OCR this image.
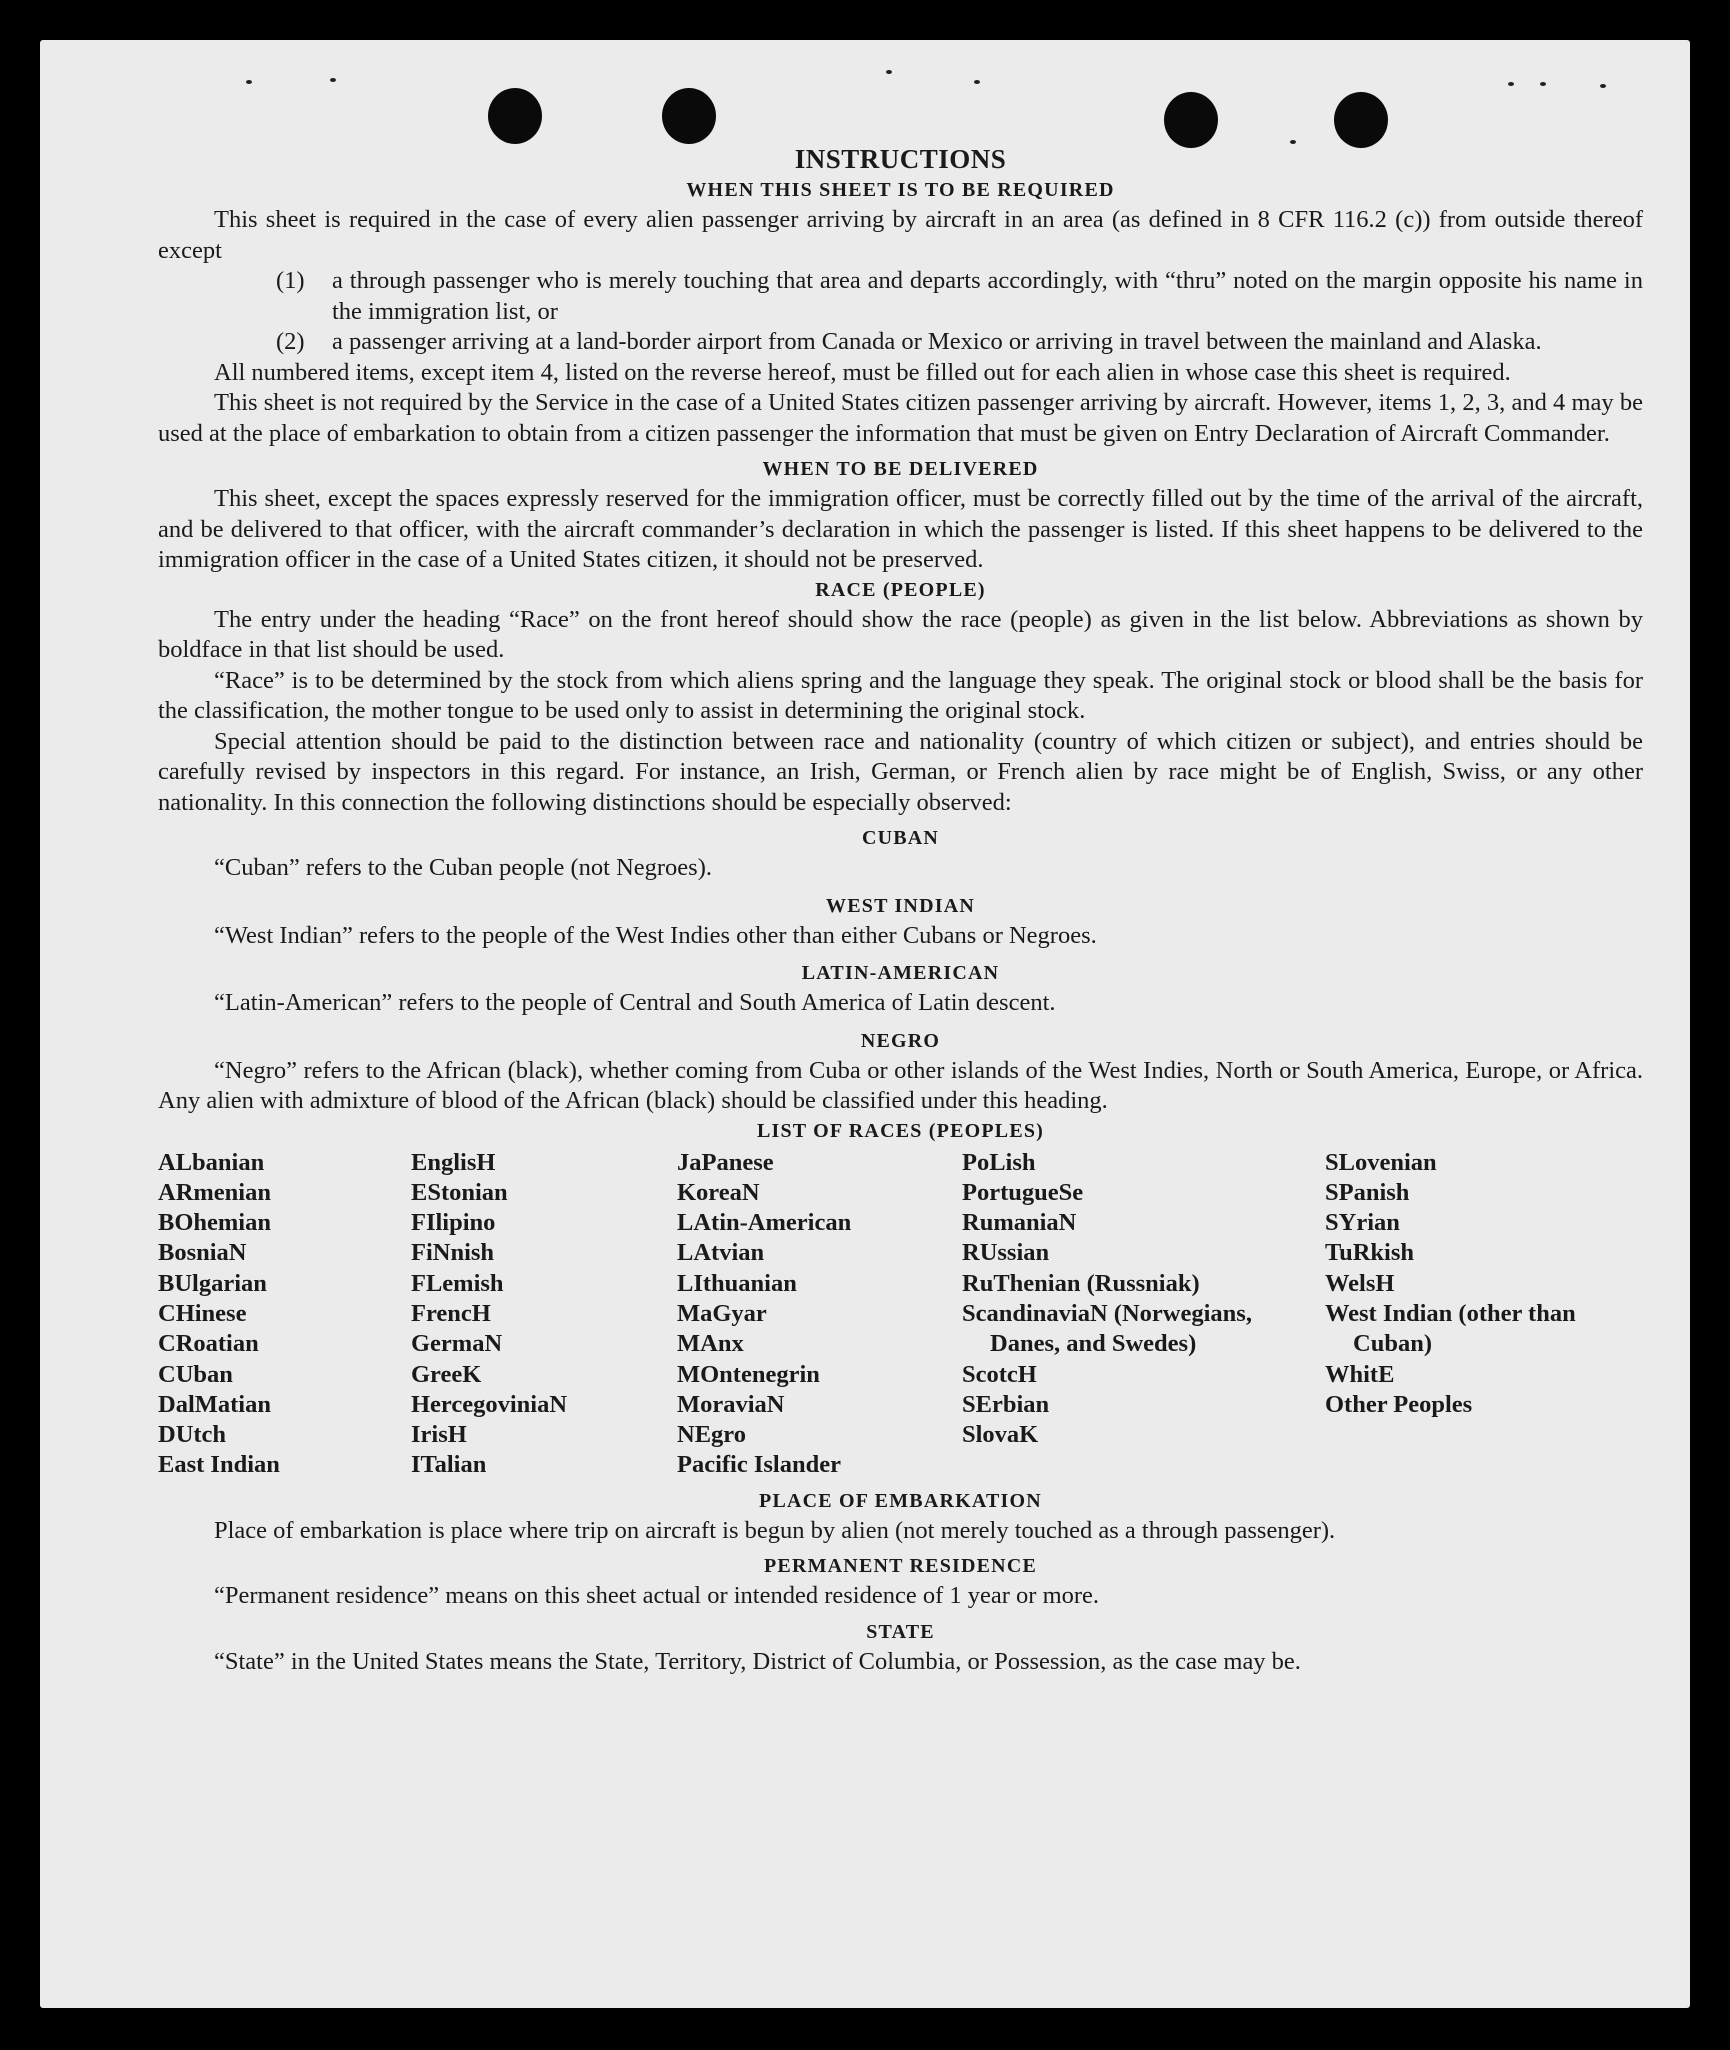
INSTRUCTIONS
WHEN THIS SHEET IS TO BE REQUIRED

This sheet is required in the case of every alien passenger arriving by aircraft in an area (as defined in 8 CFR 116.2 (c)) from outside thereof except

(1)	a through passenger who is merely touching that area and departs accordingly, with “thru” noted on the margin opposite his name in the immigration list, or

(2)	a passenger arriving at a land-border airport from Canada or Mexico or arriving in travel between the mainland and Alaska.

All numbered items, except item 4, listed on the reverse hereof, must be filled out for each alien in whose case this sheet is required.

This sheet is not required by the Service in the case of a United States citizen passenger arriving by aircraft. However, items 1, 2, 3, and 4 may be used at the place of embarkation to obtain from a citizen passenger the information that must be given on Entry Declaration of Aircraft Commander.

WHEN TO BE DELIVERED

This sheet, except the spaces expressly reserved for the immigration officer, must be correctly filled out by the time of the arrival of the aircraft, and be delivered to that officer, with the aircraft commander’s declaration in which the passenger is listed. If this sheet happens to be delivered to the immigration officer in the case of a United States citizen, it should not be preserved.

RACE (PEOPLE)

The entry under the heading “Race” on the front hereof should show the race (people) as given in the list below. Abbreviations as shown by boldface in that list should be used.

“Race” is to be determined by the stock from which aliens spring and the language they speak. The original stock or blood shall be the basis for the classification, the mother tongue to be used only to assist in determining the original stock.

Special attention should be paid to the distinction between race and nationality (country of which citizen or subject), and entries should be carefully revised by inspectors in this regard. For instance, an Irish, German, or French alien by race might be of English, Swiss, or any other nationality. In this connection the following distinctions should be especially observed:

CUBAN

“Cuban” refers to the Cuban people (not Negroes).

WEST INDIAN

“West Indian” refers to the people of the West Indies other than either Cubans or Negroes.

LATIN-AMERICAN

“Latin-American” refers to the people of Central and South America of Latin descent.

NEGRO

“Negro” refers to the African (black), whether coming from Cuba or other islands of the West Indies, North or South America, Europe, or Africa. Any alien with admixture of blood of the African (black) should be classified under this heading.

LIST OF RACES (PEOPLES)
ALbanian
ARmenian
BOhemian
BosniaN
BUlgarian
CHinese
CRoatian
CUban
DalMatian
DUtch
East Indian
EnglisH
EStonian
FIlipino
FiNnish
FLemish
FrencH
GermaN
GreeK
HercegoviniaN
IrisH
ITalian
JaPanese
KoreaN
LAtin-American
LAtvian
LIthuanian
MaGyar
MAnx
MOntenegrin
MoraviaN
NEgro
Pacific Islander
PoLish
PortugueSe
RumaniaN
RUssian
RuThenian (Russniak)
ScandinaviaN (Norwegians, Danes, and Swedes)
ScotcH
SErbian
SlovaK
SLovenian
SPanish
SYrian
TuRkish
WelsH
West Indian (other than Cuban)
WhitE
Other Peoples
PLACE OF EMBARKATION

Place of embarkation is place where trip on aircraft is begun by alien (not merely touched as a through passenger).

PERMANENT RESIDENCE

“Permanent residence” means on this sheet actual or intended residence of 1 year or more.

STATE

“State” in the United States means the State, Territory, District of Columbia, or Possession, as the case may be.
